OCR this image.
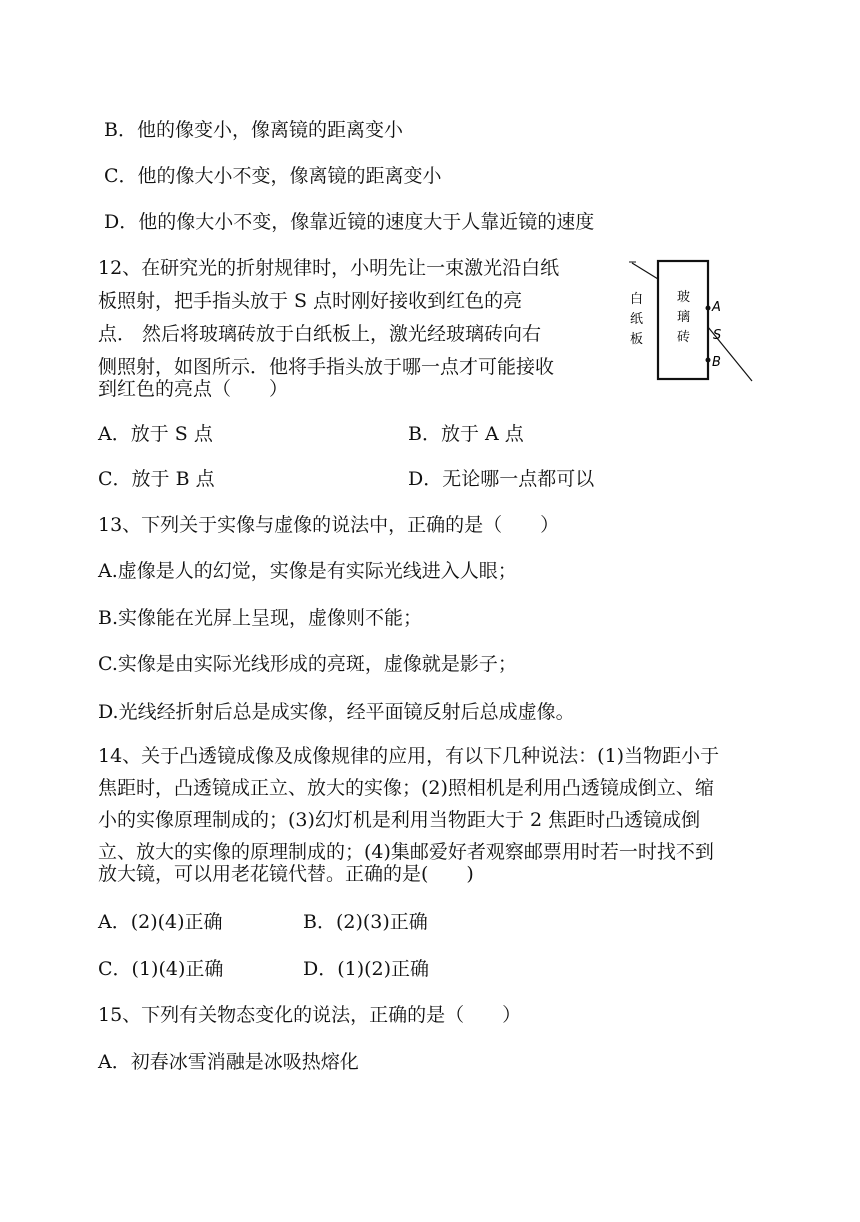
B．他的像变小，像离镜的距离变小
C．他的像大小不变，像离镜的距离变小
D．他的像大小不变，像靠近镜的速度大于人靠近镜的速度
12、在研究光的折射规律时，小明先让一束激光沿白纸
板照射，把手指头放于 S 点时刚好接收到红色的亮
点． 然后将玻璃砖放于白纸板上，激光经玻璃砖向右
侧照射，如图所示．他将手指头放于哪一点才可能接收
到红色的亮点（　　）
白
纸
板
玻
璃
砖
A
S
B
A．放于 S 点	B．放于 A 点
C．放于 B 点	D．无论哪一点都可以
13、下列关于实像与虚像的说法中，正确的是（　　）
A.虚像是人的幻觉，实像是有实际光线进入人眼；
B.实像能在光屏上呈现，虚像则不能；
C.实像是由实际光线形成的亮斑，虚像就是影子；
D.光线经折射后总是成实像，经平面镜反射后总成虚像。
14、关于凸透镜成像及成像规律的应用，有以下几种说法：(1)当物距小于
焦距时，凸透镜成正立、放大的实像；(2)照相机是利用凸透镜成倒立、缩
小的实像原理制成的；(3)幻灯机是利用当物距大于 2 焦距时凸透镜成倒
立、放大的实像的原理制成的；(4)集邮爱好者观察邮票用时若一时找不到
放大镜，可以用老花镜代替。正确的是(　　)
A．(2)(4)正确	B．(2)(3)正确
C．(1)(4)正确	D．(1)(2)正确
15、下列有关物态变化的说法，正确的是（　　）
A．初春冰雪消融是冰吸热熔化
